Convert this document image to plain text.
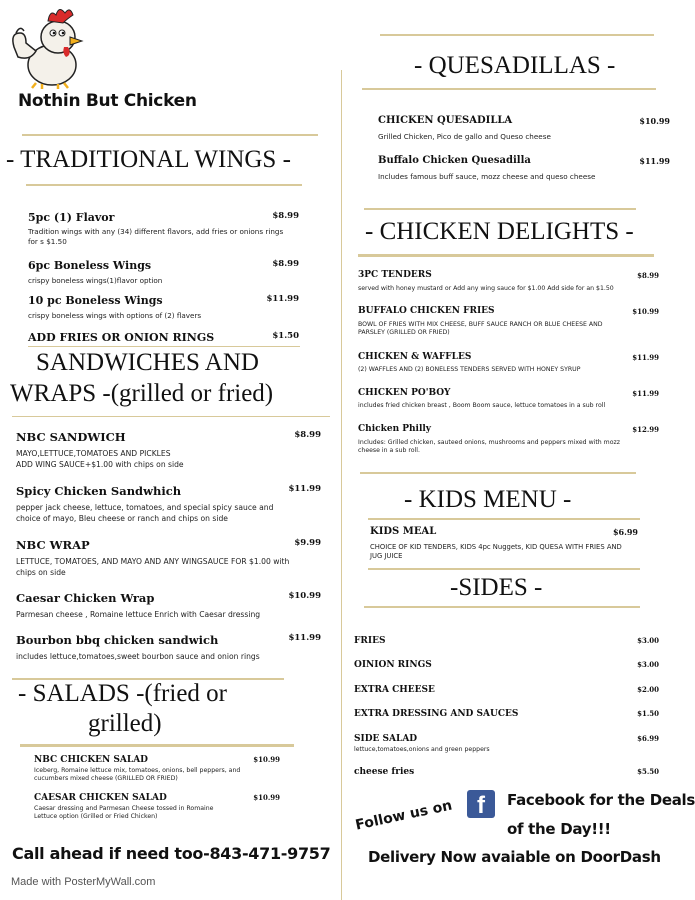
Nothin But Chicken
- TRADITIONAL WINGS -
5pc (1) Flavor	$8.99
Tradition wings with any (34) different flavors, add fries or onions rings for s $1.50
6pc Boneless Wings	$8.99
crispy boneless wings(1)flavor option
10 pc Boneless Wings	$11.99
crispy boneless wings with options of (2) flavers
ADD FRIES OR ONION RINGS	$1.50
SANDWICHES AND
WRAPS -(grilled or fried)
NBC SANDWICH	$8.99
MAYO,LETTUCE,TOMATOES AND PICKLES
ADD WING SAUCE+$1.00 with chips on side
Spicy Chicken Sandwhich	$11.99
pepper jack cheese, lettuce, tomatoes, and special spicy sauce and choice of mayo, Bleu cheese or ranch and chips on side
NBC WRAP	$9.99
LETTUCE, TOMATOES, AND MAYO AND ANY WINGSAUCE FOR $1.00 with chips on side
Caesar Chicken Wrap	$10.99
Parmesan cheese , Romaine lettuce Enrich with Caesar dressing
Bourbon bbq chicken sandwich	$11.99
includes lettuce,tomatoes,sweet bourbon sauce and onion rings
- SALADS -(fried or
grilled)
NBC CHICKEN SALAD	$10.99
Iceberg, Romaine lettuce mix, tomatoes, onions, bell peppers, and cucumbers mixed cheese (GRILLED OR FRIED)
CAESAR CHICKEN SALAD	$10.99
Caesar dressing and Parmesan Cheese tossed in Romaine Lettuce option (Grilled or Fried Chicken)
Call ahead if need too-843-471-9757
Made with PosterMyWall.com
- QUESADILLAS -
CHICKEN QUESADILLA	$10.99
Grilled Chicken, Pico de gallo and Queso cheese
Buffalo Chicken Quesadilla	$11.99
Includes famous buff sauce, mozz cheese and queso cheese
- CHICKEN DELIGHTS -
3PC TENDERS	$8.99
served with honey mustard or Add any wing sauce for $1.00 Add side for an $1.50
BUFFALO CHICKEN FRIES	$10.99
BOWL OF FRIES WITH MIX CHEESE, BUFF SAUCE RANCH OR BLUE CHEESE AND PARSLEY (GRILLED OR FRIED)
CHICKEN & WAFFLES	$11.99
(2) WAFFLES AND (2) BONELESS TENDERS SERVED WITH HONEY SYRUP
CHICKEN PO'BOY	$11.99
includes fried chicken breast , Boom Boom sauce, lettuce tomatoes in a sub roll
Chicken Philly	$12.99
Includes: Grilled chicken, sauteed onions, mushrooms and peppers mixed with mozz cheese in a sub roll.
- KIDS MENU -
KIDS MEAL	$6.99
CHOICE OF KID TENDERS, KIDS 4pc Nuggets, KID QUESA WITH FRIES AND JUG JUICE
-SIDES -
FRIES	$3.00
OINION RINGS	$3.00
EXTRA CHEESE	$2.00
EXTRA DRESSING AND SAUCES	$1.50
SIDE SALAD	$6.99
lettuce,tomatoes,onions and green peppers
cheese fries	$5.50
Follow us on f Facebook for the Deals
of the Day!!!
Delivery Now avaiable on DoorDash
